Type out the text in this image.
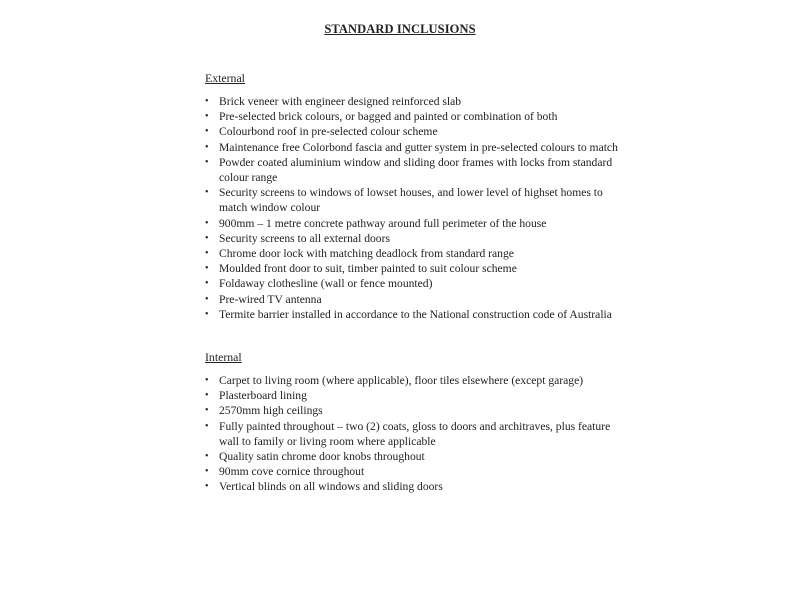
STANDARD INCLUSIONS
External
• Brick veneer with engineer designed reinforced slab
• Pre-selected brick colours, or bagged and painted or combination of both
• Colourbond roof in pre-selected colour scheme
• Maintenance free Colorbond fascia and gutter system in pre-selected colours to match
• Powder coated aluminium window and sliding door frames with locks from standard colour range
• Security screens to windows of lowset houses, and lower level of highset homes to match window colour
• 900mm – 1 metre concrete pathway around full perimeter of the house
• Security screens to all external doors
• Chrome door lock with matching deadlock from standard range
• Moulded front door to suit, timber painted to suit colour scheme
• Foldaway clothesline (wall or fence mounted)
• Pre-wired TV antenna
• Termite barrier installed in accordance to the National construction code of Australia
Internal
• Carpet to living room (where applicable), floor tiles elsewhere (except garage)
• Plasterboard lining
• 2570mm high ceilings
• Fully painted throughout – two (2) coats, gloss to doors and architraves, plus feature wall to family or living room where applicable
• Quality satin chrome door knobs throughout
• 90mm cove cornice throughout
• Vertical blinds on all windows and sliding doors
